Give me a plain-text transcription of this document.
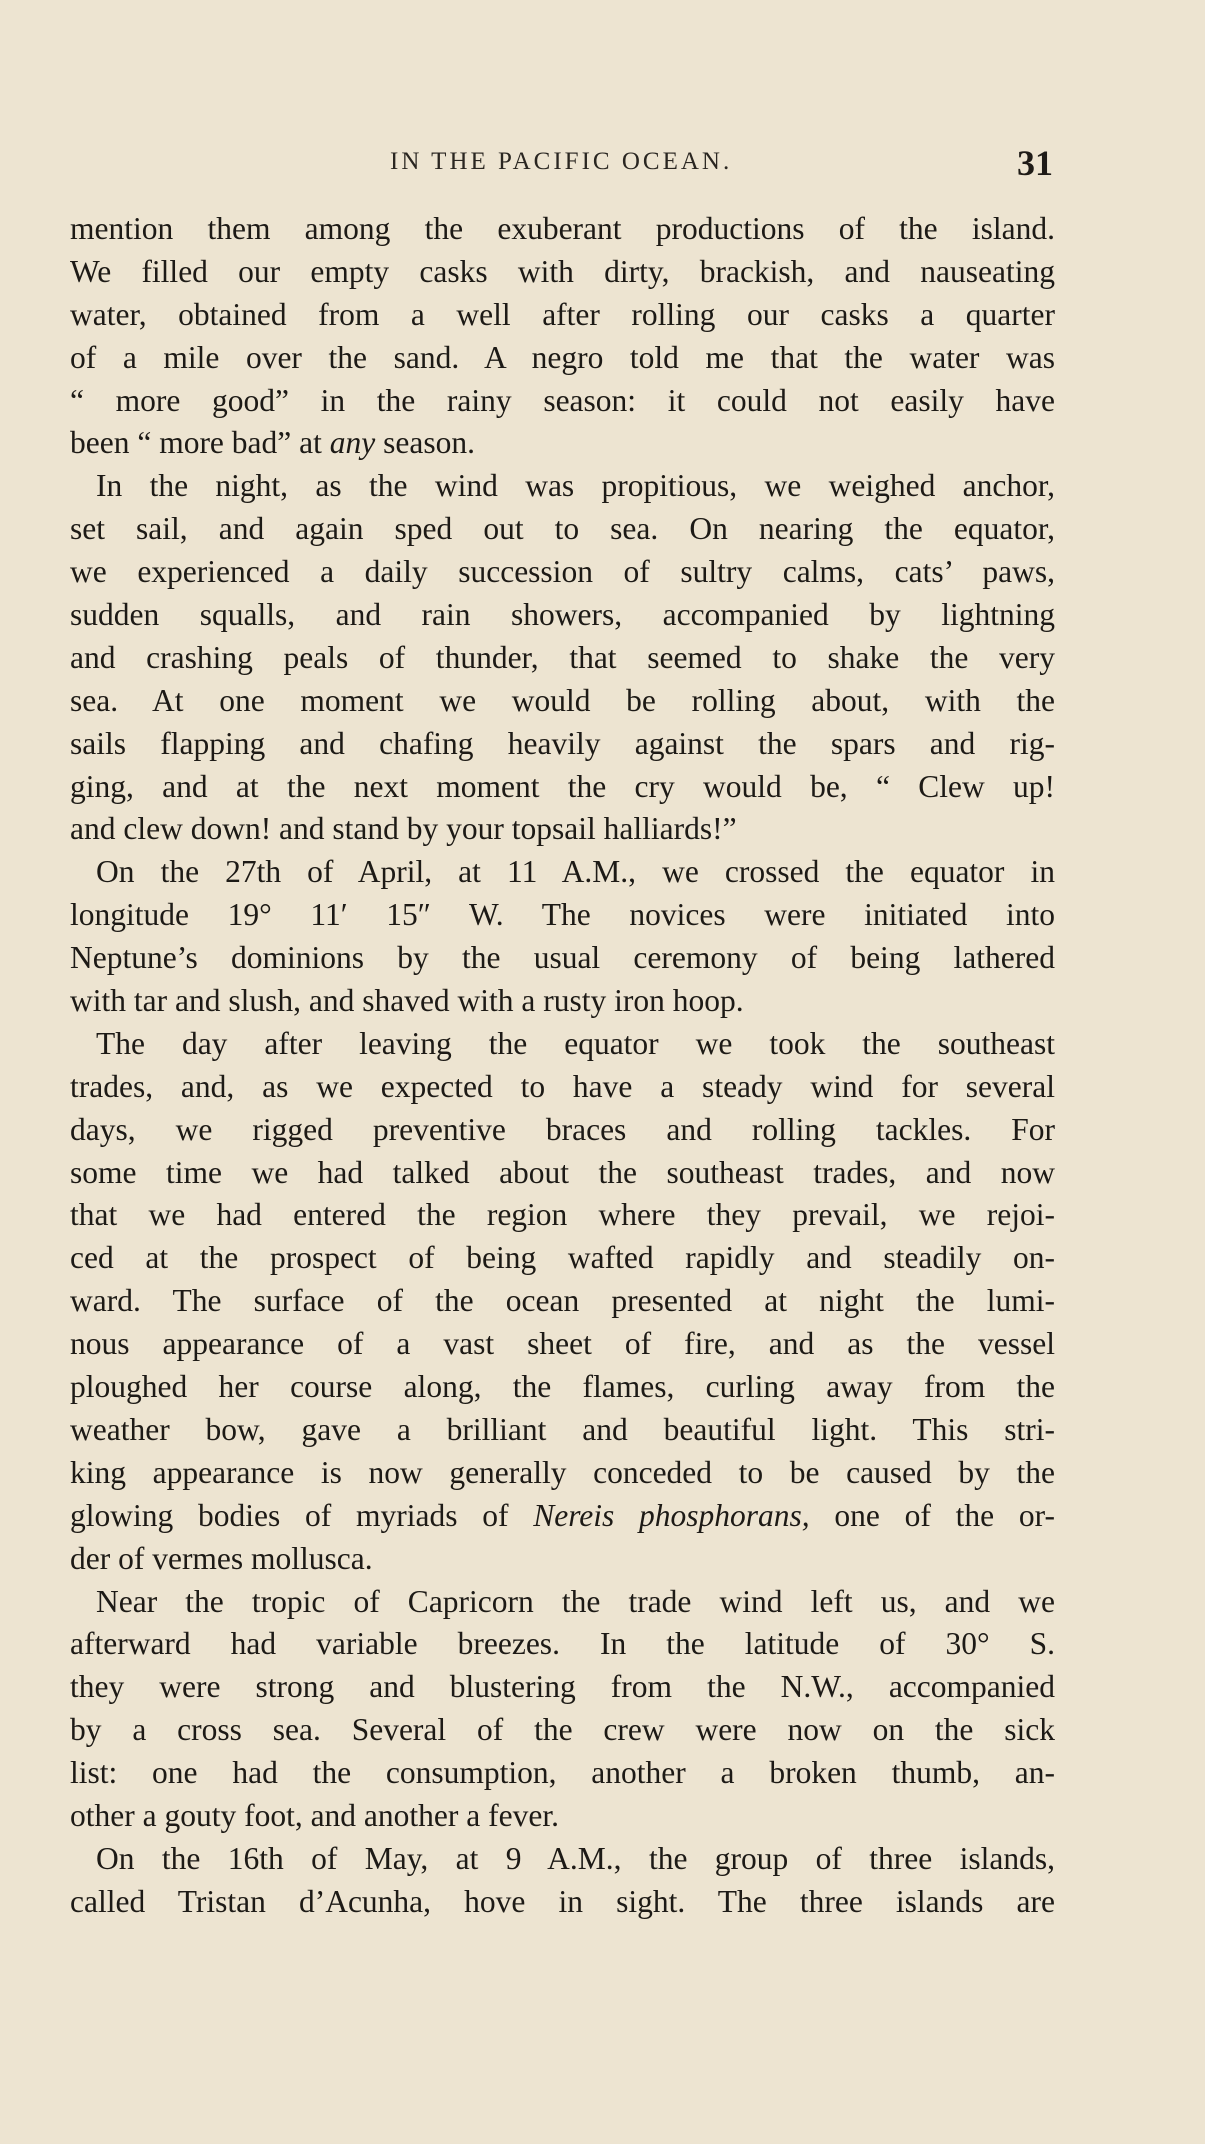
IN THE PACIFIC OCEAN.	31
mention them among the exuberant productions of the island.
We filled our empty casks with dirty, brackish, and nauseating
water, obtained from a well after rolling our casks a quarter
of a mile over the sand. A negro told me that the water was
“ more good” in the rainy season: it could not easily have
been “ more bad” at any season.
In the night, as the wind was propitious, we weighed anchor,
set sail, and again sped out to sea. On nearing the equator,
we experienced a daily succession of sultry calms, cats’ paws,
sudden squalls, and rain showers, accompanied by lightning
and crashing peals of thunder, that seemed to shake the very
sea. At one moment we would be rolling about, with the
sails flapping and chafing heavily against the spars and rig-
ging, and at the next moment the cry would be, “ Clew up!
and clew down! and stand by your topsail halliards!”
On the 27th of April, at 11 A.M., we crossed the equator in
longitude 19° 11′ 15″ W. The novices were initiated into
Neptune’s dominions by the usual ceremony of being lathered
with tar and slush, and shaved with a rusty iron hoop.
The day after leaving the equator we took the southeast
trades, and, as we expected to have a steady wind for several
days, we rigged preventive braces and rolling tackles. For
some time we had talked about the southeast trades, and now
that we had entered the region where they prevail, we rejoi-
ced at the prospect of being wafted rapidly and steadily on-
ward. The surface of the ocean presented at night the lumi-
nous appearance of a vast sheet of fire, and as the vessel
ploughed her course along, the flames, curling away from the
weather bow, gave a brilliant and beautiful light. This stri-
king appearance is now generally conceded to be caused by the
glowing bodies of myriads of Nereis phosphorans, one of the or-
der of vermes mollusca.
Near the tropic of Capricorn the trade wind left us, and we
afterward had variable breezes. In the latitude of 30° S.
they were strong and blustering from the N.W., accompanied
by a cross sea. Several of the crew were now on the sick
list: one had the consumption, another a broken thumb, an-
other a gouty foot, and another a fever.
On the 16th of May, at 9 A.M., the group of three islands,
called Tristan d’Acunha, hove in sight. The three islands are
